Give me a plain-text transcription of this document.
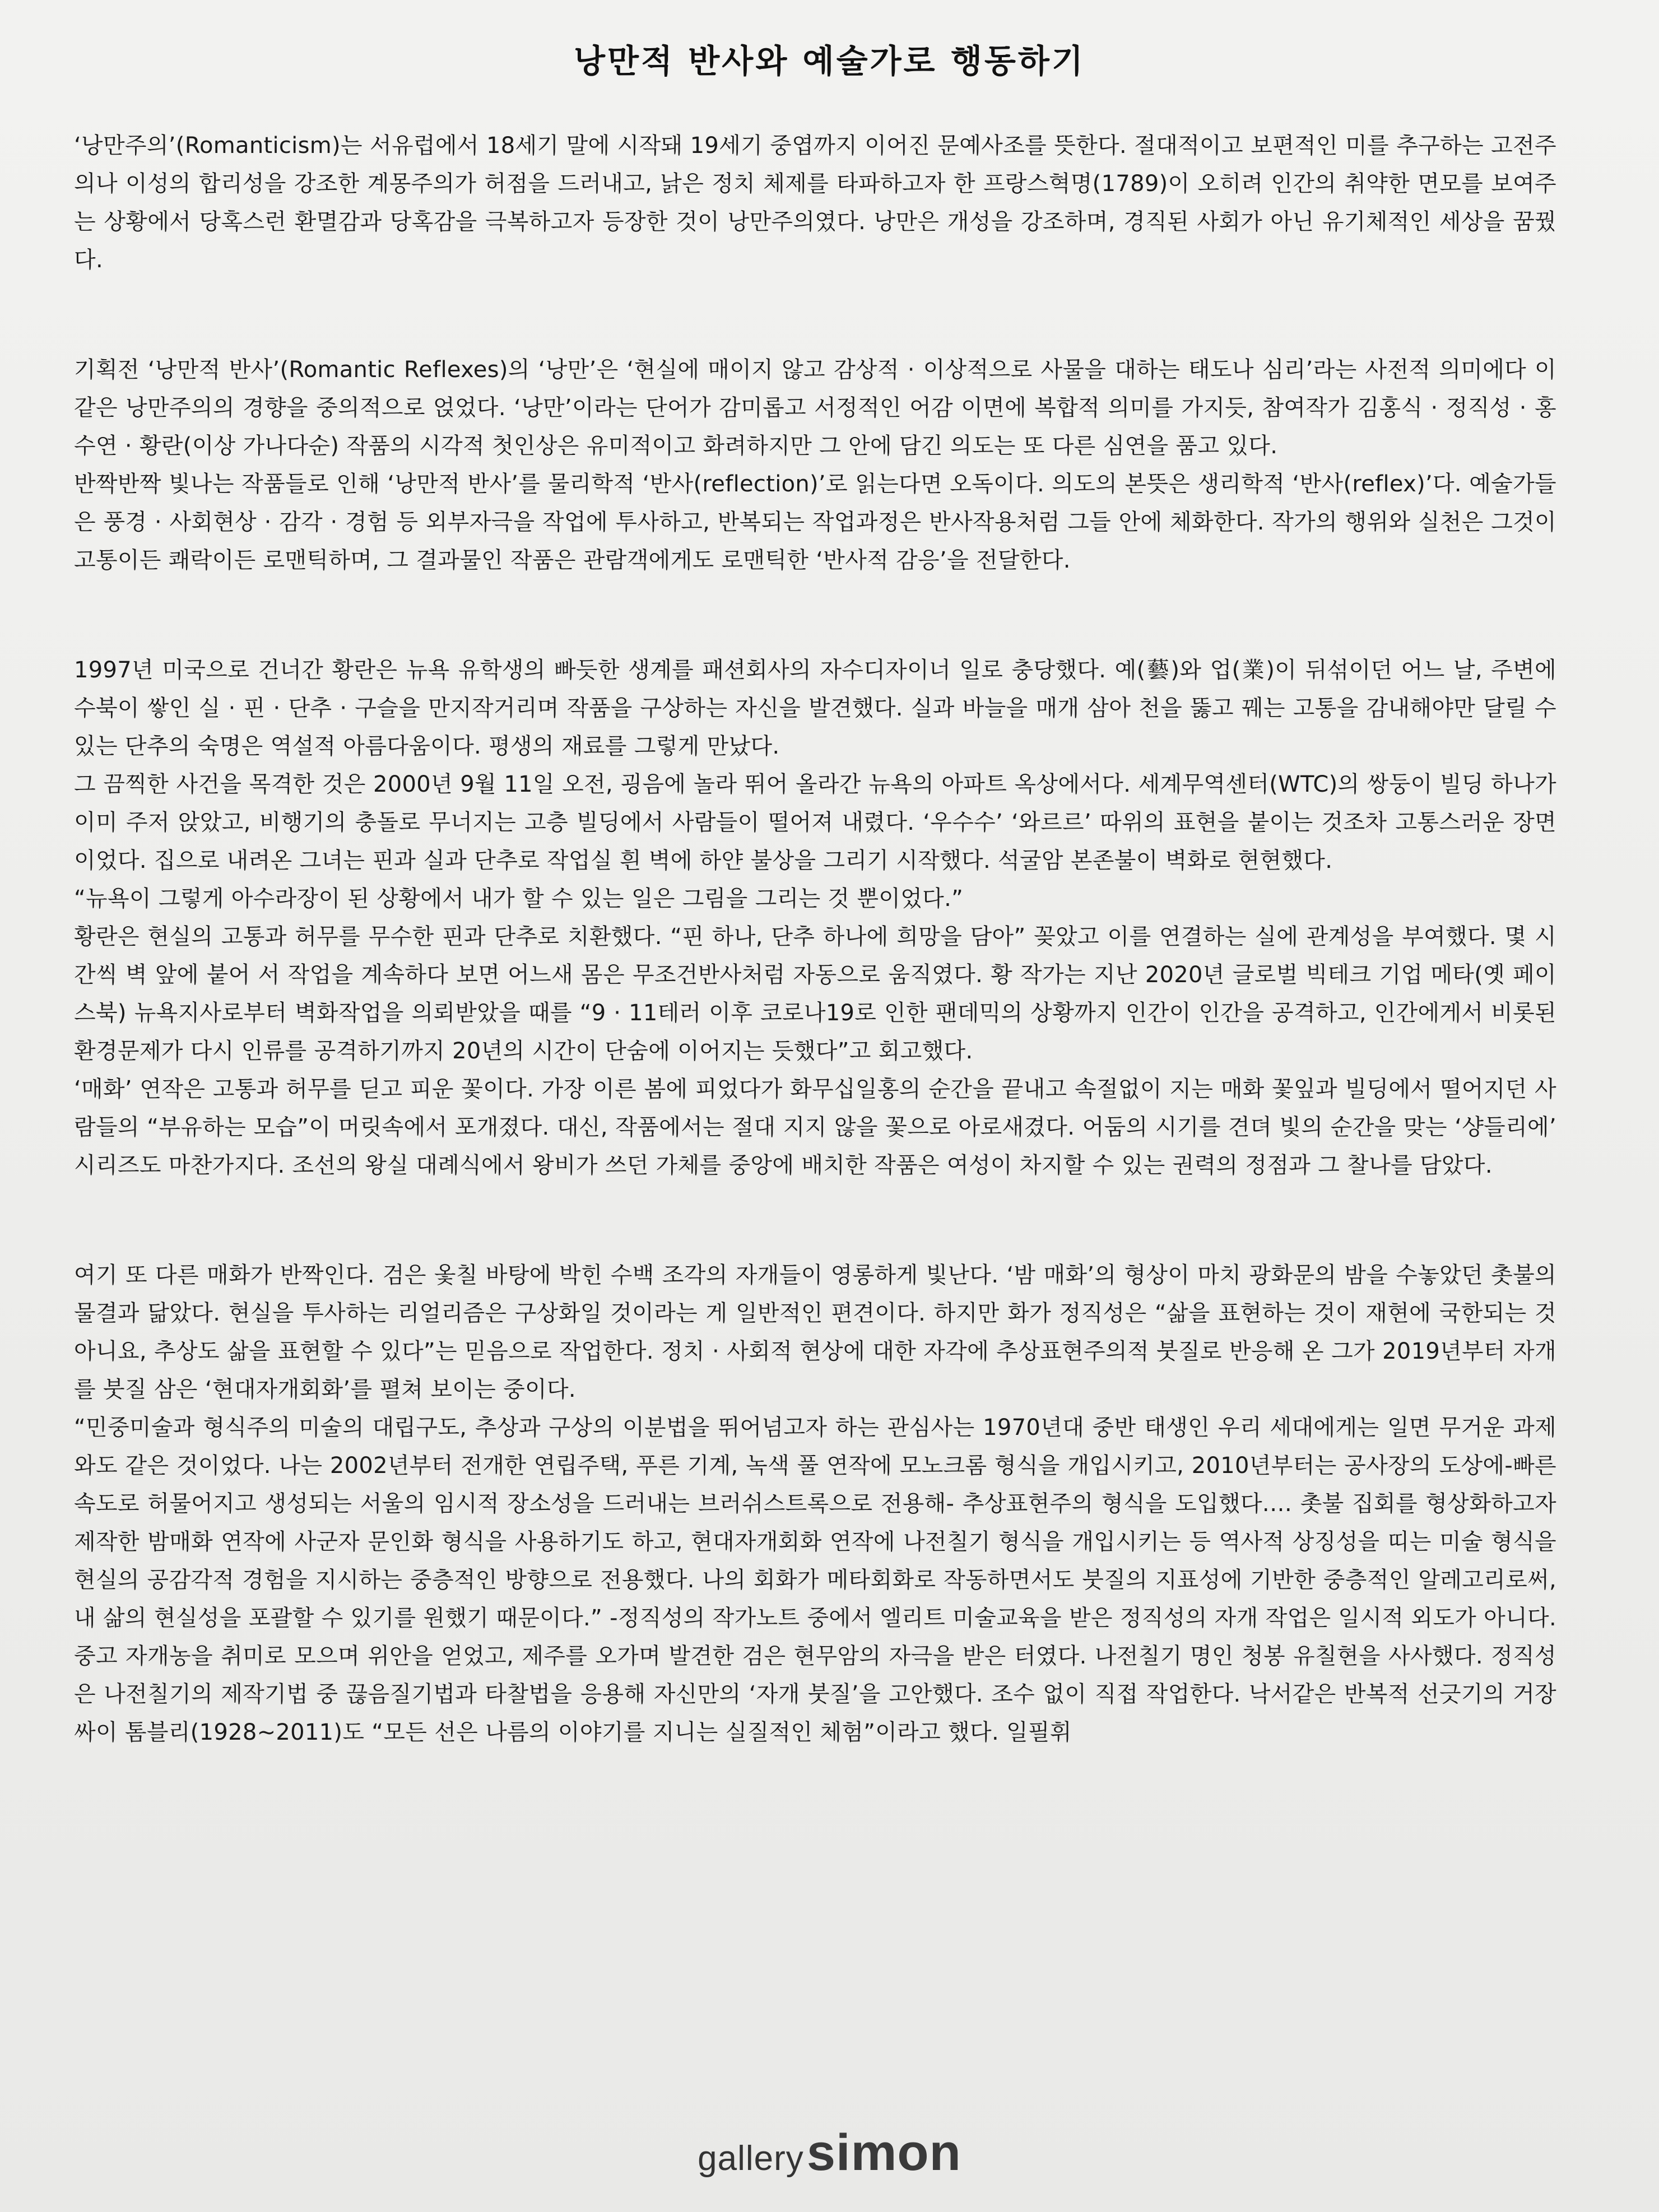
낭만적 반사와 예술가로 행동하기

‘낭만주의’(Romanticism)는 서유럽에서 18세기 말에 시작돼 19세기 중엽까지 이어진 문예사조를 뜻한다. 절대적이고 보편적인 미를 추구하는 고전주의나 이성의 합리성을 강조한 계몽주의가 허점을 드러내고, 낡은 정치 체제를 타파하고자 한 프랑스혁명(1789)이 오히려 인간의 취약한 면모를 보여주는 상황에서 당혹스런 환멸감과 당혹감을 극복하고자 등장한 것이 낭만주의였다. 낭만은 개성을 강조하며, 경직된 사회가 아닌 유기체적인 세상을 꿈꿨다.

기획전 ‘낭만적 반사’(Romantic Reflexes)의 ‘낭만’은 ‘현실에 매이지 않고 감상적 · 이상적으로 사물을 대하는 태도나 심리’라는 사전적 의미에다 이 같은 낭만주의의 경향을 중의적으로 얹었다. ‘낭만’이라는 단어가 감미롭고 서정적인 어감 이면에 복합적 의미를 가지듯, 참여작가 김홍식 · 정직성 · 홍수연 · 황란(이상 가나다순) 작품의 시각적 첫인상은 유미적이고 화려하지만 그 안에 담긴 의도는 또 다른 심연을 품고 있다.

반짝반짝 빛나는 작품들로 인해 ‘낭만적 반사’를 물리학적 ‘반사(reflection)’로 읽는다면 오독이다. 의도의 본뜻은 생리학적 ‘반사(reflex)’다. 예술가들은 풍경 · 사회현상 · 감각 · 경험 등 외부자극을 작업에 투사하고, 반복되는 작업과정은 반사작용처럼 그들 안에 체화한다. 작가의 행위와 실천은 그것이 고통이든 쾌락이든 로맨틱하며, 그 결과물인 작품은 관람객에게도 로맨틱한 ‘반사적 감응’을 전달한다.

1997년 미국으로 건너간 황란은 뉴욕 유학생의 빠듯한 생계를 패션회사의 자수디자이너 일로 충당했다. 예(藝)와 업(業)이 뒤섞이던 어느 날, 주변에 수북이 쌓인 실 · 핀 · 단추 · 구슬을 만지작거리며 작품을 구상하는 자신을 발견했다. 실과 바늘을 매개 삼아 천을 뚫고 꿰는 고통을 감내해야만 달릴 수 있는 단추의 숙명은 역설적 아름다움이다. 평생의 재료를 그렇게 만났다.

그 끔찍한 사건을 목격한 것은 2000년 9월 11일 오전, 굉음에 놀라 뛰어 올라간 뉴욕의 아파트 옥상에서다. 세계무역센터(WTC)의 쌍둥이 빌딩 하나가 이미 주저 앉았고, 비행기의 충돌로 무너지는 고층 빌딩에서 사람들이 떨어져 내렸다. ‘우수수’ ‘와르르’ 따위의 표현을 붙이는 것조차 고통스러운 장면이었다. 집으로 내려온 그녀는 핀과 실과 단추로 작업실 흰 벽에 하얀 불상을 그리기 시작했다. 석굴암 본존불이 벽화로 현현했다.

“뉴욕이 그렇게 아수라장이 된 상황에서 내가 할 수 있는 일은 그림을 그리는 것 뿐이었다.”

황란은 현실의 고통과 허무를 무수한 핀과 단추로 치환했다. “핀 하나, 단추 하나에 희망을 담아” 꽂았고 이를 연결하는 실에 관계성을 부여했다. 몇 시간씩 벽 앞에 붙어 서 작업을 계속하다 보면 어느새 몸은 무조건반사처럼 자동으로 움직였다. 황 작가는 지난 2020년 글로벌 빅테크 기업 메타(옛 페이스북) 뉴욕지사로부터 벽화작업을 의뢰받았을 때를 “9 · 11테러 이후 코로나19로 인한 팬데믹의 상황까지 인간이 인간을 공격하고, 인간에게서 비롯된 환경문제가 다시 인류를 공격하기까지 20년의 시간이 단숨에 이어지는 듯했다”고 회고했다.

‘매화’ 연작은 고통과 허무를 딛고 피운 꽃이다. 가장 이른 봄에 피었다가 화무십일홍의 순간을 끝내고 속절없이 지는 매화 꽃잎과 빌딩에서 떨어지던 사람들의 “부유하는 모습”이 머릿속에서 포개졌다. 대신, 작품에서는 절대 지지 않을 꽃으로 아로새겼다. 어둠의 시기를 견뎌 빛의 순간을 맞는 ‘샹들리에’ 시리즈도 마찬가지다. 조선의 왕실 대례식에서 왕비가 쓰던 가체를 중앙에 배치한 작품은 여성이 차지할 수 있는 권력의 정점과 그 찰나를 담았다.

여기 또 다른 매화가 반짝인다. 검은 옻칠 바탕에 박힌 수백 조각의 자개들이 영롱하게 빛난다. ‘밤 매화’의 형상이 마치 광화문의 밤을 수놓았던 촛불의 물결과 닮았다. 현실을 투사하는 리얼리즘은 구상화일 것이라는 게 일반적인 편견이다. 하지만 화가 정직성은 “삶을 표현하는 것이 재현에 국한되는 것 아니요, 추상도 삶을 표현할 수 있다”는 믿음으로 작업한다. 정치 · 사회적 현상에 대한 자각에 추상표현주의적 붓질로 반응해 온 그가 2019년부터 자개를 붓질 삼은 ‘현대자개회화’를 펼쳐 보이는 중이다.

“민중미술과 형식주의 미술의 대립구도, 추상과 구상의 이분법을 뛰어넘고자 하는 관심사는 1970년대 중반 태생인 우리 세대에게는 일면 무거운 과제와도 같은 것이었다. 나는 2002년부터 전개한 연립주택, 푸른 기계, 녹색 풀 연작에 모노크롬 형식을 개입시키고, 2010년부터는 공사장의 도상에-빠른 속도로 허물어지고 생성되는 서울의 임시적 장소성을 드러내는 브러쉬스트록으로 전용해- 추상표현주의 형식을 도입했다.… 촛불 집회를 형상화하고자 제작한 밤매화 연작에 사군자 문인화 형식을 사용하기도 하고, 현대자개회화 연작에 나전칠기 형식을 개입시키는 등 역사적 상징성을 띠는 미술 형식을 현실의 공감각적 경험을 지시하는 중층적인 방향으로 전용했다. 나의 회화가 메타회화로 작동하면서도 붓질의 지표성에 기반한 중층적인 알레고리로써, 내 삶의 현실성을 포괄할 수 있기를 원했기 때문이다.” -정직성의 작가노트 중에서 엘리트 미술교육을 받은 정직성의 자개 작업은 일시적 외도가 아니다. 중고 자개농을 취미로 모으며 위안을 얻었고, 제주를 오가며 발견한 검은 현무암의 자극을 받은 터였다. 나전칠기 명인 청봉 유칠현을 사사했다. 정직성은 나전칠기의 제작기법 중 끊음질기법과 타찰법을 응용해 자신만의 ‘자개 붓질’을 고안했다. 조수 없이 직접 작업한다. 낙서같은 반복적 선긋기의 거장 싸이 톰블리(1928~2011)도 “모든 선은 나름의 이야기를 지니는 실질적인 체험”이라고 했다. 일필휘

gallery simon
